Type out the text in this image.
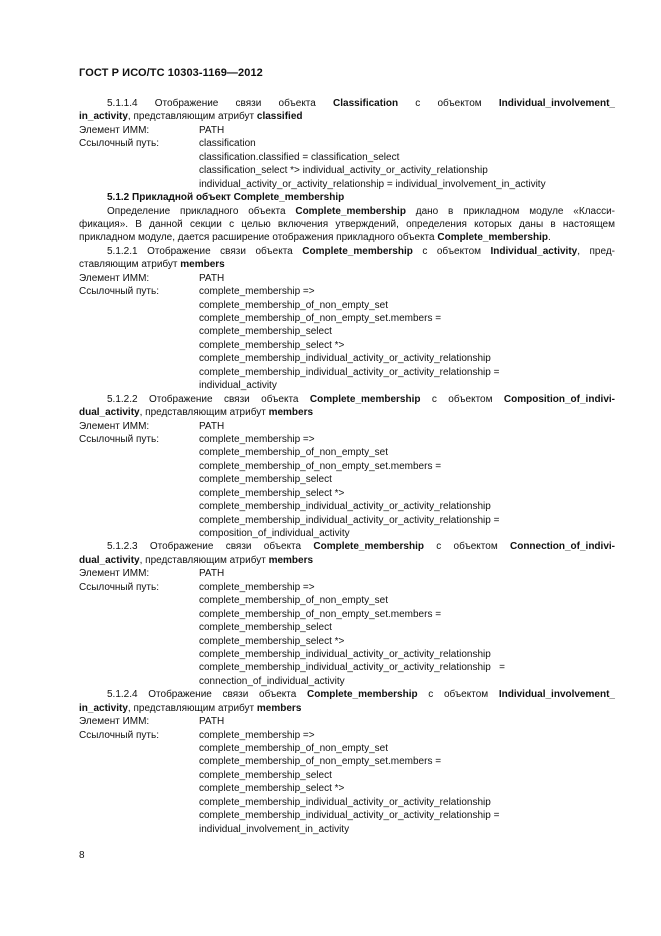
ГОСТ Р ИСО/ТС 10303-1169—2012
5.1.1.4 Отображение связи объекта Classification с объектом Individual_involvement_
in_activity, представляющим атрибут classified
Элемент ИММ:	PATH
Ссылочный путь:	classification
classification.classified = classification_select
classification_select *> individual_activity_or_activity_relationship
individual_activity_or_activity_relationship = individual_involvement_in_activity
5.1.2 Прикладной объект Complete_membership
Определение прикладного объекта Complete_membership дано в прикладном модуле «Класси-
фикация». В данной секции с целью включения утверждений, определения которых даны в настоящем
прикладном модуле, дается расширение отображения прикладного объекта Complete_membership.
5.1.2.1 Отображение связи объекта Complete_membership с объектом Individual_activity, пред-
ставляющим атрибут members
Элемент ИММ:	PATH
Ссылочный путь:	complete_membership =>
complete_membership_of_non_empty_set
complete_membership_of_non_empty_set.members =
complete_membership_select
complete_membership_select *>
complete_membership_individual_activity_or_activity_relationship
complete_membership_individual_activity_or_activity_relationship =
individual_activity
5.1.2.2 Отображение связи объекта Complete_membership с объектом Composition_of_indivi-
dual_activity, представляющим атрибут members
Элемент ИММ:	PATH
Ссылочный путь:	complete_membership =>
complete_membership_of_non_empty_set
complete_membership_of_non_empty_set.members =
complete_membership_select
complete_membership_select *>
complete_membership_individual_activity_or_activity_relationship
complete_membership_individual_activity_or_activity_relationship =
composition_of_individual_activity
5.1.2.3 Отображение связи объекта Complete_membership с объектом Connection_of_indivi-
dual_activity, представляющим атрибут members
Элемент ИММ:	PATH
Ссылочный путь:	complete_membership =>
complete_membership_of_non_empty_set
complete_membership_of_non_empty_set.members =
complete_membership_select
complete_membership_select *>
complete_membership_individual_activity_or_activity_relationship
complete_membership_individual_activity_or_activity_relationship   =
connection_of_individual_activity
5.1.2.4 Отображение связи объекта Complete_membership с объектом Individual_involvement_
in_activity, представляющим атрибут members
Элемент ИММ:	PATH
Ссылочный путь:	complete_membership =>
complete_membership_of_non_empty_set
complete_membership_of_non_empty_set.members =
complete_membership_select
complete_membership_select *>
complete_membership_individual_activity_or_activity_relationship
complete_membership_individual_activity_or_activity_relationship =
individual_involvement_in_activity
8
